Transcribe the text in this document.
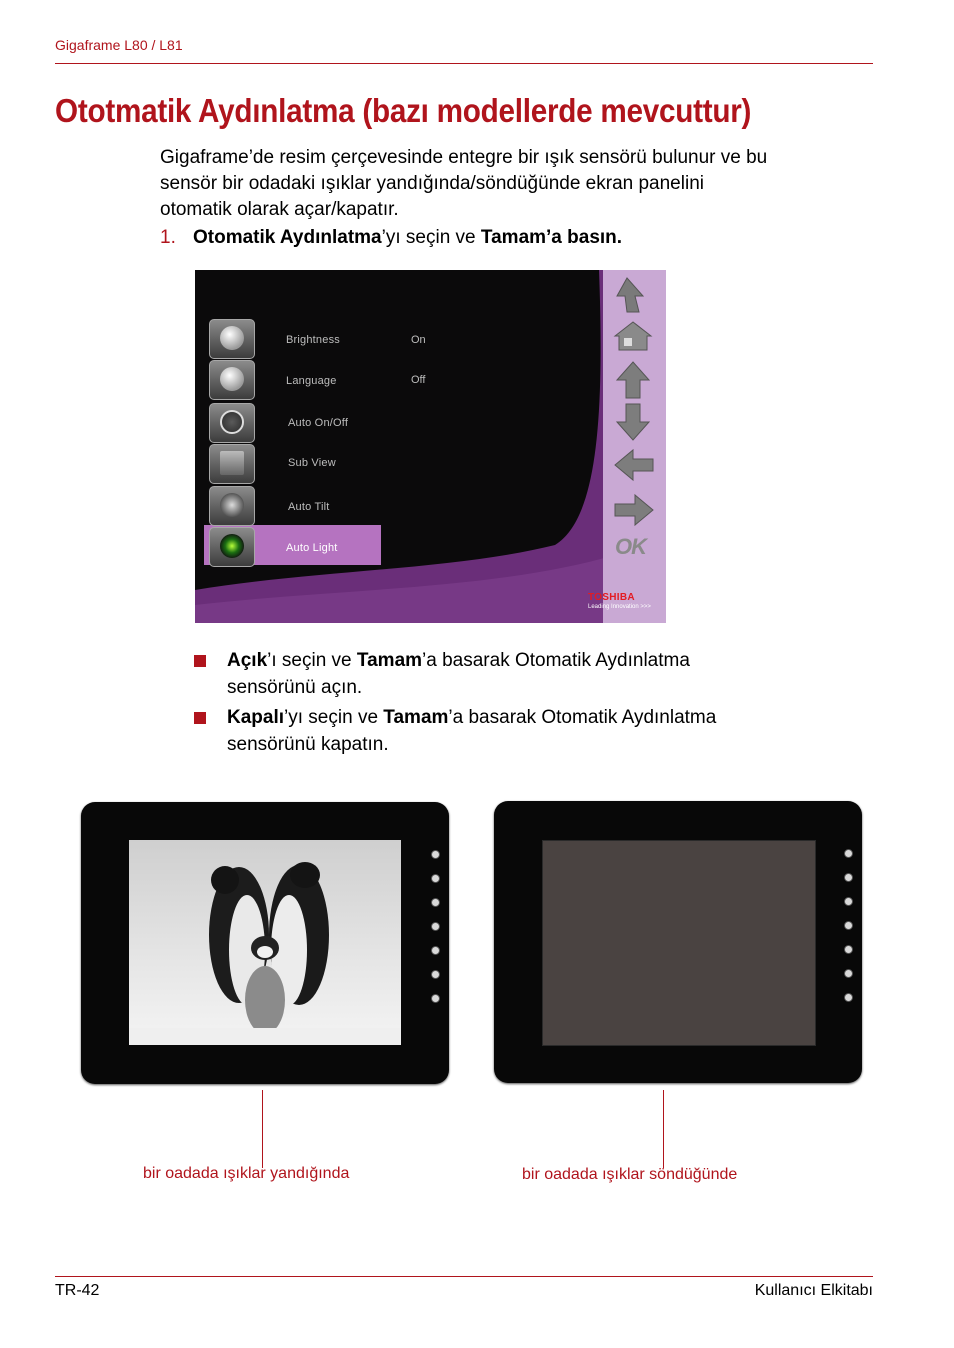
Gigaframe L80 / L81
Ototmatik Aydınlatma (bazı modellerde mevcuttur)

Gigaframe’de resim çerçevesinde entegre bir ışık sensörü bulunur ve bu

sensör bir odadaki ışıklar yandığında/söndüğünde ekran panelini

otomatik olarak açar/kapatır.

1. Otomatik Aydınlatma’yı seçin ve Tamam’a basın.
Brightness	On
Language	Off
Auto On/Off
Sub View
Auto Tilt
Auto Light	OK
TOSHIBA
Leading Innovation >>>
Açık’ı seçin ve Tamam’a basarak Otomatik Aydınlatma
sensörünü açın.
Kapalı’yı seçin ve Tamam’a basarak Otomatik Aydınlatma
sensörünü kapatın.
bir oadada ışıklar yandığında	bir oadada ışıklar söndüğünde
TR-42	Kullanıcı Elkitabı
